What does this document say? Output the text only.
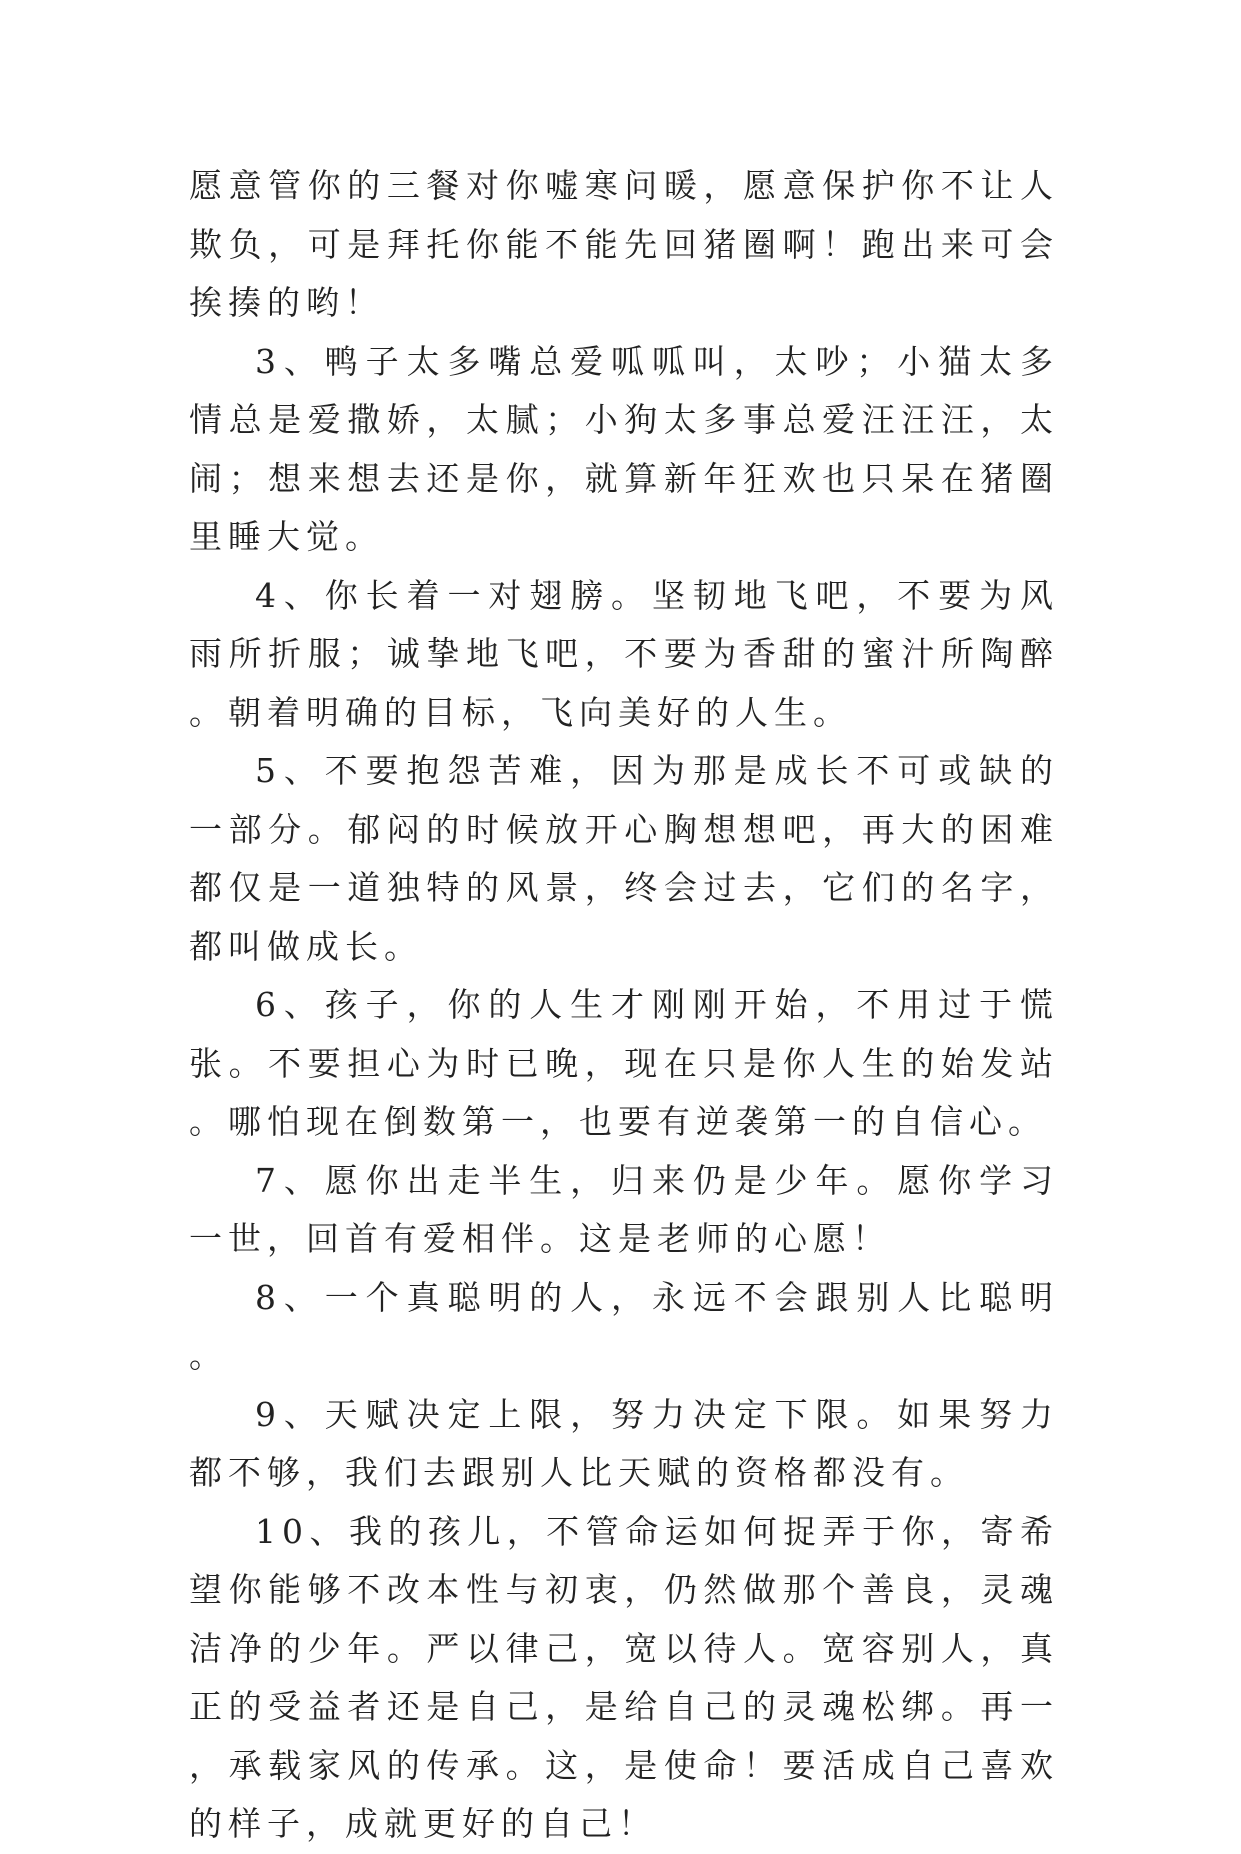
愿意管你的三餐对你嘘寒问暖，愿意保护你不让人欺负，可是拜托你能不能先回猪圈啊！跑出来可会挨揍的哟！

3、鸭子太多嘴总爱呱呱叫，太吵；小猫太多情总是爱撒娇，太腻；小狗太多事总爱汪汪汪，太闹；想来想去还是你，就算新年狂欢也只呆在猪圈里睡大觉。

4、你长着一对翅膀。坚韧地飞吧，不要为风雨所折服；诚挚地飞吧，不要为香甜的蜜汁所陶醉。朝着明确的目标，飞向美好的人生。

5、不要抱怨苦难，因为那是成长不可或缺的一部分。郁闷的时候放开心胸想想吧，再大的困难都仅是一道独特的风景，终会过去，它们的名字，都叫做成长。

6、孩子，你的人生才刚刚开始，不用过于慌张。不要担心为时已晚，现在只是你人生的始发站。哪怕现在倒数第一，也要有逆袭第一的自信心。

7、愿你出走半生，归来仍是少年。愿你学习一世，回首有爱相伴。这是老师的心愿！

8、一个真聪明的人，永远不会跟别人比聪明。

9、天赋决定上限，努力决定下限。如果努力都不够，我们去跟别人比天赋的资格都没有。

10、我的孩儿，不管命运如何捉弄于你，寄希望你能够不改本性与初衷，仍然做那个善良，灵魂洁净的少年。严以律己，宽以待人。宽容别人，真正的受益者还是自己，是给自己的灵魂松绑。再一，承载家风的传承。这，是使命！要活成自己喜欢的样子，成就更好的自己！
